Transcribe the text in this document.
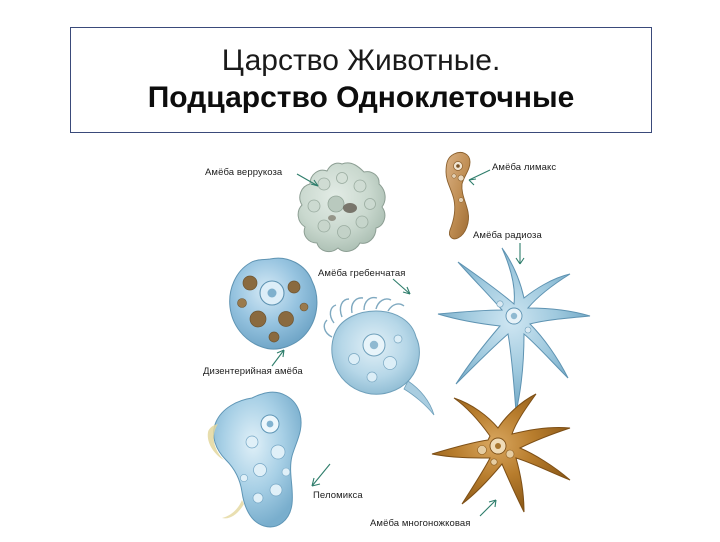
Царство Животные.
Подцарство Одноклеточные
Амёба веррукоза	Амёба лимакс
Амёба радиоза
Амёба гребенчатая
Дизентерийная амёба
Пеломикса
Амёба многоножковая
